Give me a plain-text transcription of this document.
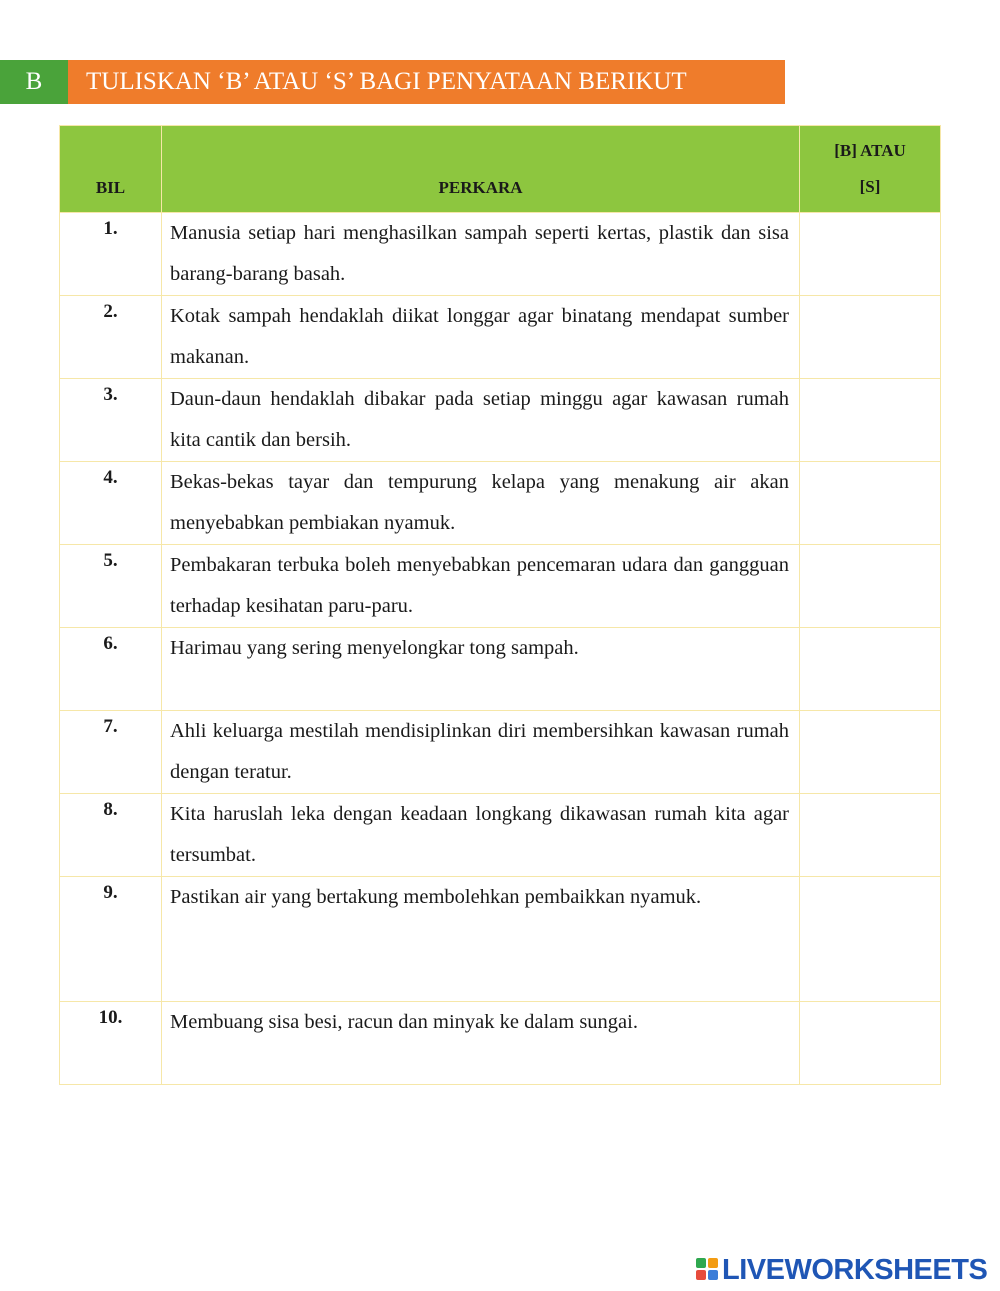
B	TULISKAN ‘B’ ATAU ‘S’ BAGI PENYATAAN BERIKUT
BIL	PERKARA	[B] ATAU
[S]

1.	Manusia setiap hari menghasilkan sampah seperti kertas, plastik dan sisa barang-barang basah.	
2.	Kotak sampah hendaklah diikat longgar agar binatang mendapat sumber makanan.	
3.	Daun-daun hendaklah dibakar pada setiap minggu agar kawasan rumah kita cantik dan bersih.	
4.	Bekas-bekas tayar dan tempurung kelapa yang menakung air akan menyebabkan pembiakan nyamuk.	
5.	Pembakaran terbuka boleh menyebabkan pencemaran udara dan gangguan terhadap kesihatan paru-paru.	
6.	Harimau yang sering menyelongkar tong sampah.	
7.	Ahli keluarga mestilah mendisiplinkan diri membersihkan kawasan rumah dengan teratur.	
8.	Kita haruslah leka dengan keadaan longkang dikawasan rumah kita agar tersumbat.	
9.	Pastikan air yang bertakung membolehkan pembaikkan nyamuk.	
10.	Membuang sisa besi, racun dan minyak ke dalam sungai.	
LIVEWORKSHEETS
